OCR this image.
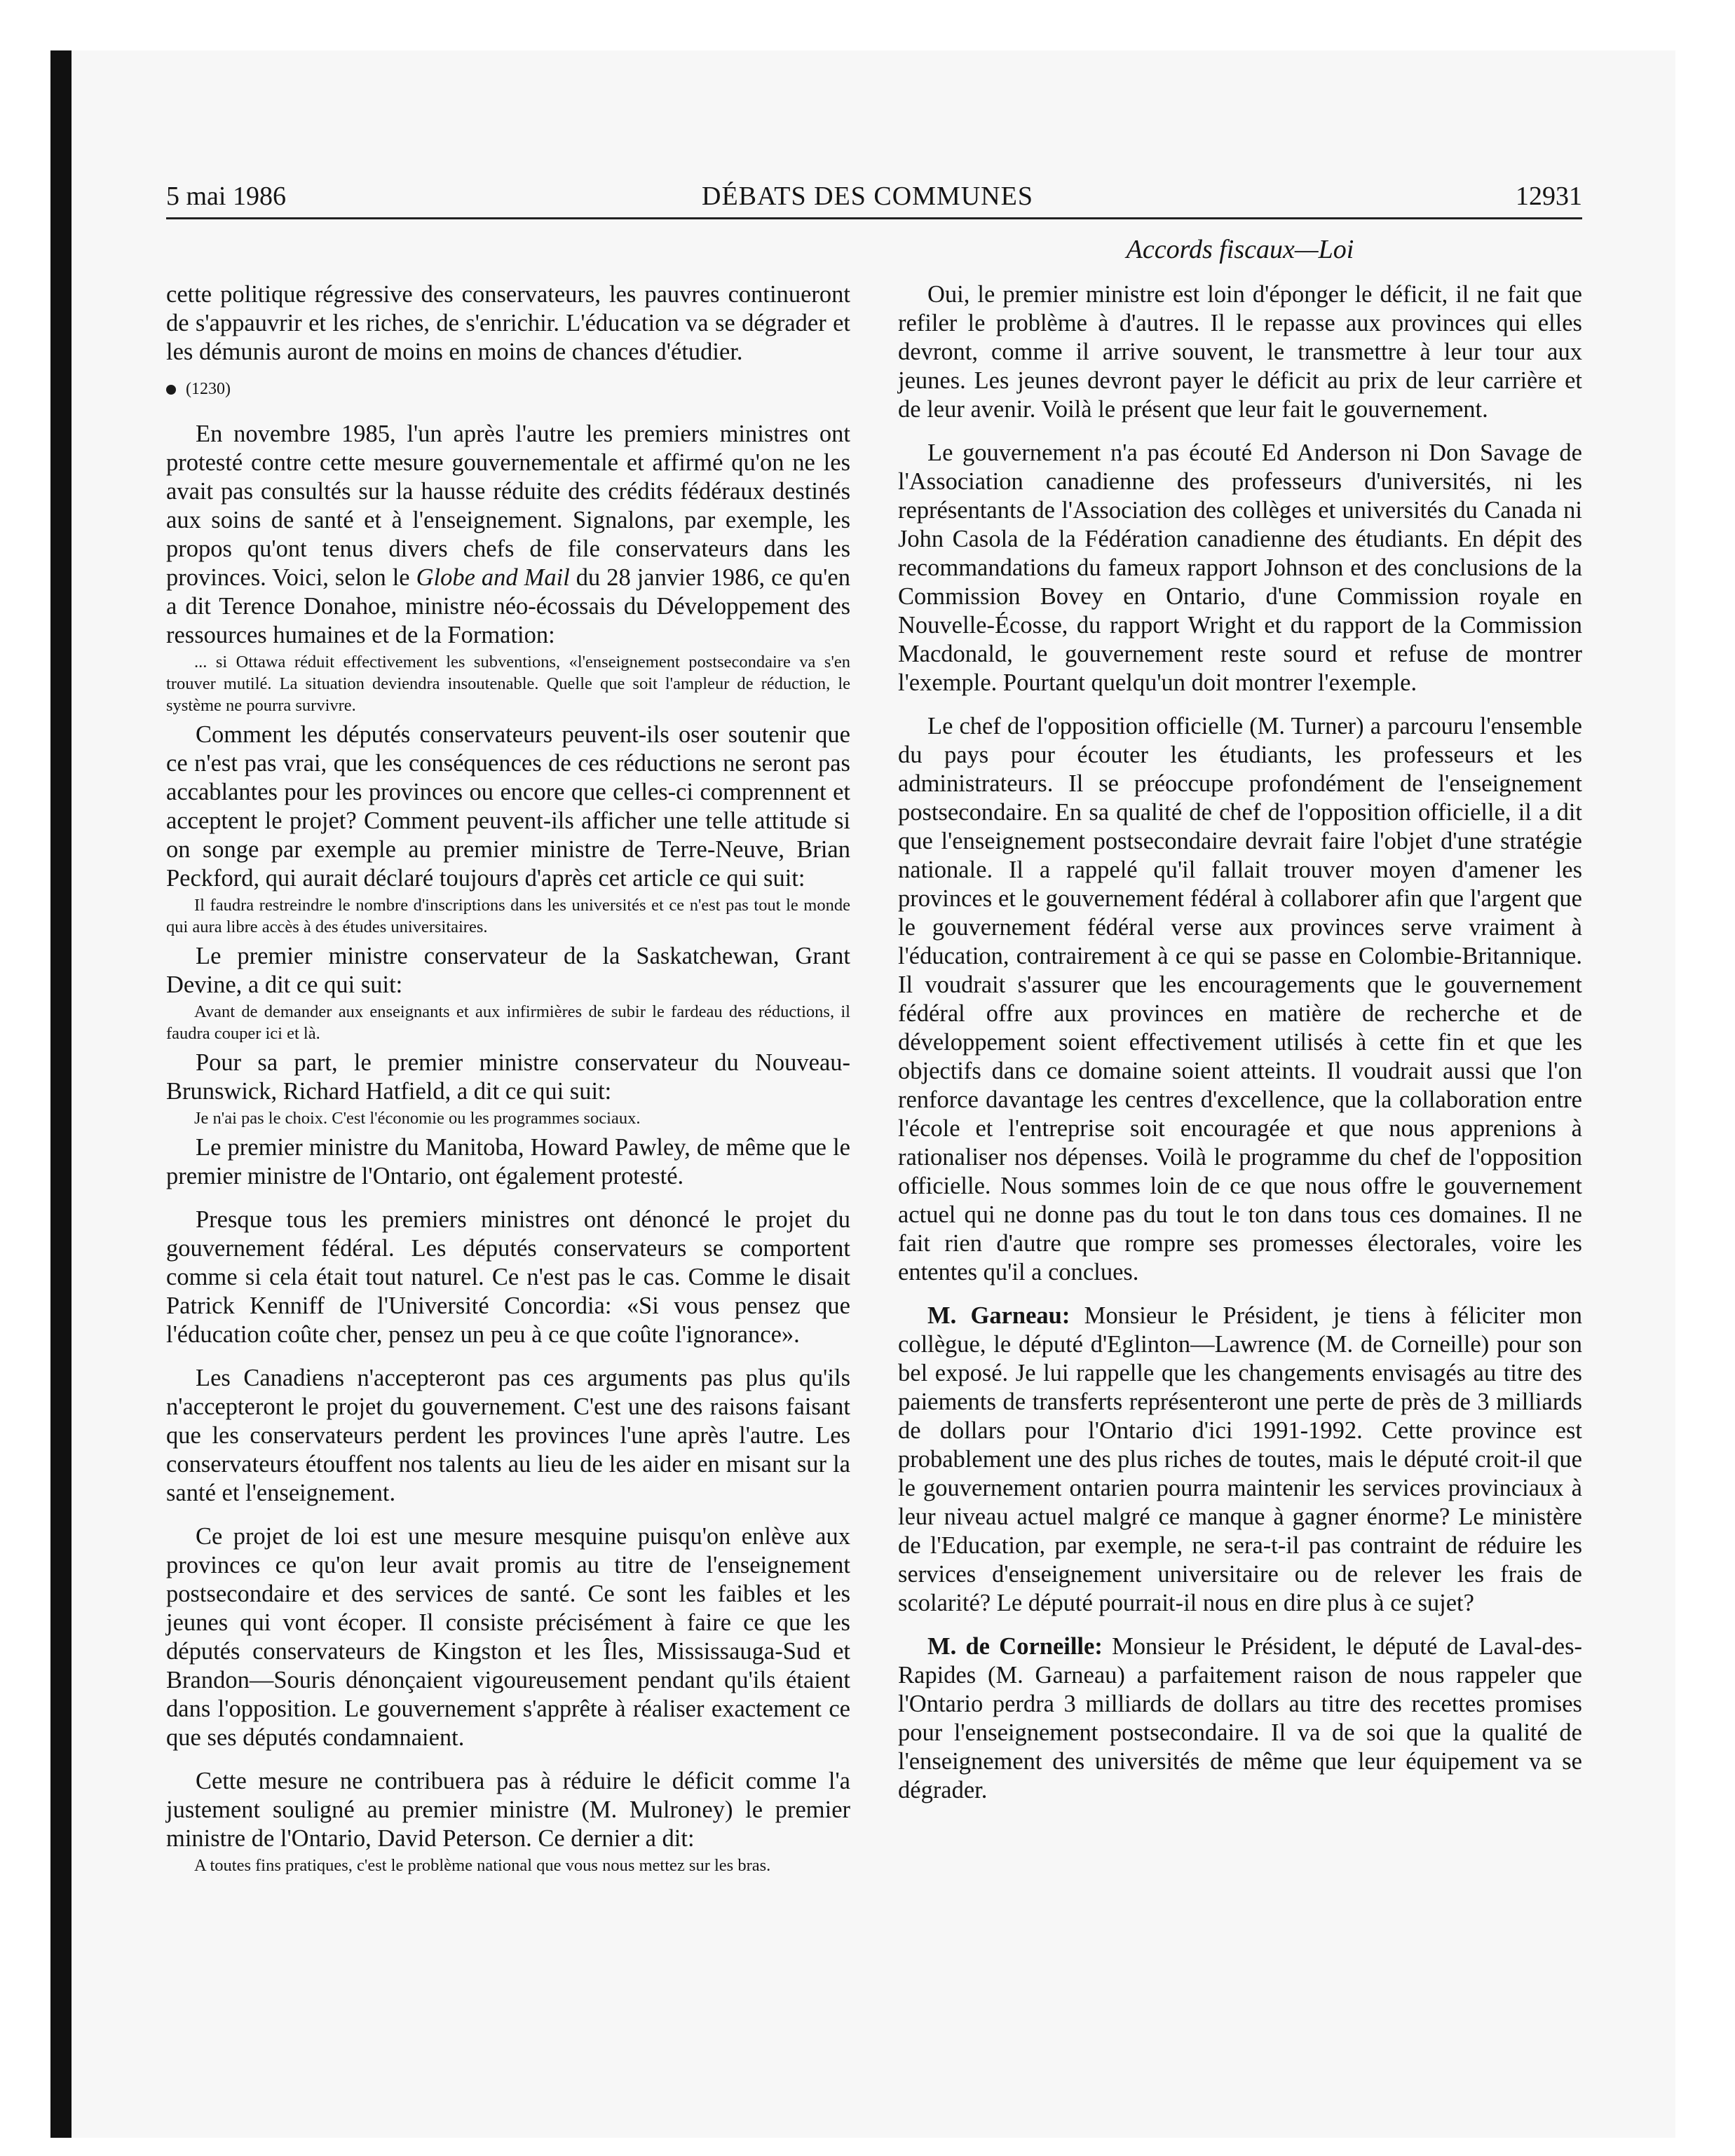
5 mai 1986	DÉBATS DES COMMUNES	12931
Accords fiscaux—Loi

cette politique régressive des conservateurs, les pauvres continueront de s'appauvrir et les riches, de s'enrichir. L'éducation va se dégrader et les démunis auront de moins en moins de chances d'étudier.

(1230)

En novembre 1985, l'un après l'autre les premiers ministres ont protesté contre cette mesure gouvernementale et affirmé qu'on ne les avait pas consultés sur la hausse réduite des crédits fédéraux destinés aux soins de santé et à l'enseignement. Signalons, par exemple, les propos qu'ont tenus divers chefs de file conservateurs dans les provinces. Voici, selon le Globe and Mail du 28 janvier 1986, ce qu'en a dit Terence Donahoe, ministre néo-écossais du Développement des ressources humaines et de la Formation:

... si Ottawa réduit effectivement les subventions, «l'enseignement postsecondaire va s'en trouver mutilé. La situation deviendra insoutenable. Quelle que soit l'ampleur de réduction, le système ne pourra survivre.

Comment les députés conservateurs peuvent-ils oser soutenir que ce n'est pas vrai, que les conséquences de ces réductions ne seront pas accablantes pour les provinces ou encore que celles-ci comprennent et acceptent le projet? Comment peuvent-ils afficher une telle attitude si on songe par exemple au premier ministre de Terre-Neuve, Brian Peckford, qui aurait déclaré toujours d'après cet article ce qui suit:

Il faudra restreindre le nombre d'inscriptions dans les universités et ce n'est pas tout le monde qui aura libre accès à des études universitaires.

Le premier ministre conservateur de la Saskatchewan, Grant Devine, a dit ce qui suit:

Avant de demander aux enseignants et aux infirmières de subir le fardeau des réductions, il faudra couper ici et là.

Pour sa part, le premier ministre conservateur du Nouveau-Brunswick, Richard Hatfield, a dit ce qui suit:

Je n'ai pas le choix. C'est l'économie ou les programmes sociaux.

Le premier ministre du Manitoba, Howard Pawley, de même que le premier ministre de l'Ontario, ont également protesté.

Presque tous les premiers ministres ont dénoncé le projet du gouvernement fédéral. Les députés conservateurs se comportent comme si cela était tout naturel. Ce n'est pas le cas. Comme le disait Patrick Kenniff de l'Université Concordia: «Si vous pensez que l'éducation coûte cher, pensez un peu à ce que coûte l'ignorance».

Les Canadiens n'accepteront pas ces arguments pas plus qu'ils n'accepteront le projet du gouvernement. C'est une des raisons faisant que les conservateurs perdent les provinces l'une après l'autre. Les conservateurs étouffent nos talents au lieu de les aider en misant sur la santé et l'enseignement.

Ce projet de loi est une mesure mesquine puisqu'on enlève aux provinces ce qu'on leur avait promis au titre de l'enseignement postsecondaire et des services de santé. Ce sont les faibles et les jeunes qui vont écoper. Il consiste précisément à faire ce que les députés conservateurs de Kingston et les Îles, Mississauga-Sud et Brandon—Souris dénonçaient vigoureusement pendant qu'ils étaient dans l'opposition. Le gouvernement s'apprête à réaliser exactement ce que ses députés condamnaient.

Cette mesure ne contribuera pas à réduire le déficit comme l'a justement souligné au premier ministre (M. Mulroney) le premier ministre de l'Ontario, David Peterson. Ce dernier a dit:

A toutes fins pratiques, c'est le problème national que vous nous mettez sur les bras.

Oui, le premier ministre est loin d'éponger le déficit, il ne fait que refiler le problème à d'autres. Il le repasse aux provinces qui elles devront, comme il arrive souvent, le transmettre à leur tour aux jeunes. Les jeunes devront payer le déficit au prix de leur carrière et de leur avenir. Voilà le présent que leur fait le gouvernement.

Le gouvernement n'a pas écouté Ed Anderson ni Don Savage de l'Association canadienne des professeurs d'universités, ni les représentants de l'Association des collèges et universités du Canada ni John Casola de la Fédération canadienne des étudiants. En dépit des recommandations du fameux rapport Johnson et des conclusions de la Commission Bovey en Ontario, d'une Commission royale en Nouvelle-Écosse, du rapport Wright et du rapport de la Commission Macdonald, le gouvernement reste sourd et refuse de montrer l'exemple. Pourtant quelqu'un doit montrer l'exemple.

Le chef de l'opposition officielle (M. Turner) a parcouru l'ensemble du pays pour écouter les étudiants, les professeurs et les administrateurs. Il se préoccupe profondément de l'enseignement postsecondaire. En sa qualité de chef de l'opposition officielle, il a dit que l'enseignement postsecondaire devrait faire l'objet d'une stratégie nationale. Il a rappelé qu'il fallait trouver moyen d'amener les provinces et le gouvernement fédéral à collaborer afin que l'argent que le gouvernement fédéral verse aux provinces serve vraiment à l'éducation, contrairement à ce qui se passe en Colombie-Britannique. Il voudrait s'assurer que les encouragements que le gouvernement fédéral offre aux provinces en matière de recherche et de développement soient effectivement utilisés à cette fin et que les objectifs dans ce domaine soient atteints. Il voudrait aussi que l'on renforce davantage les centres d'excellence, que la collaboration entre l'école et l'entreprise soit encouragée et que nous apprenions à rationaliser nos dépenses. Voilà le programme du chef de l'opposition officielle. Nous sommes loin de ce que nous offre le gouvernement actuel qui ne donne pas du tout le ton dans tous ces domaines. Il ne fait rien d'autre que rompre ses promesses électorales, voire les ententes qu'il a conclues.

M. Garneau: Monsieur le Président, je tiens à féliciter mon collègue, le député d'Eglinton—Lawrence (M. de Corneille) pour son bel exposé. Je lui rappelle que les changements envisagés au titre des paiements de transferts représenteront une perte de près de 3 milliards de dollars pour l'Ontario d'ici 1991-1992. Cette province est probablement une des plus riches de toutes, mais le député croit-il que le gouvernement ontarien pourra maintenir les services provinciaux à leur niveau actuel malgré ce manque à gagner énorme? Le ministère de l'Education, par exemple, ne sera-t-il pas contraint de réduire les services d'enseignement universitaire ou de relever les frais de scolarité? Le député pourrait-il nous en dire plus à ce sujet?

M. de Corneille: Monsieur le Président, le député de Laval-des-Rapides (M. Garneau) a parfaitement raison de nous rappeler que l'Ontario perdra 3 milliards de dollars au titre des recettes promises pour l'enseignement postsecondaire. Il va de soi que la qualité de l'enseignement des universités de même que leur équipement va se dégrader.
